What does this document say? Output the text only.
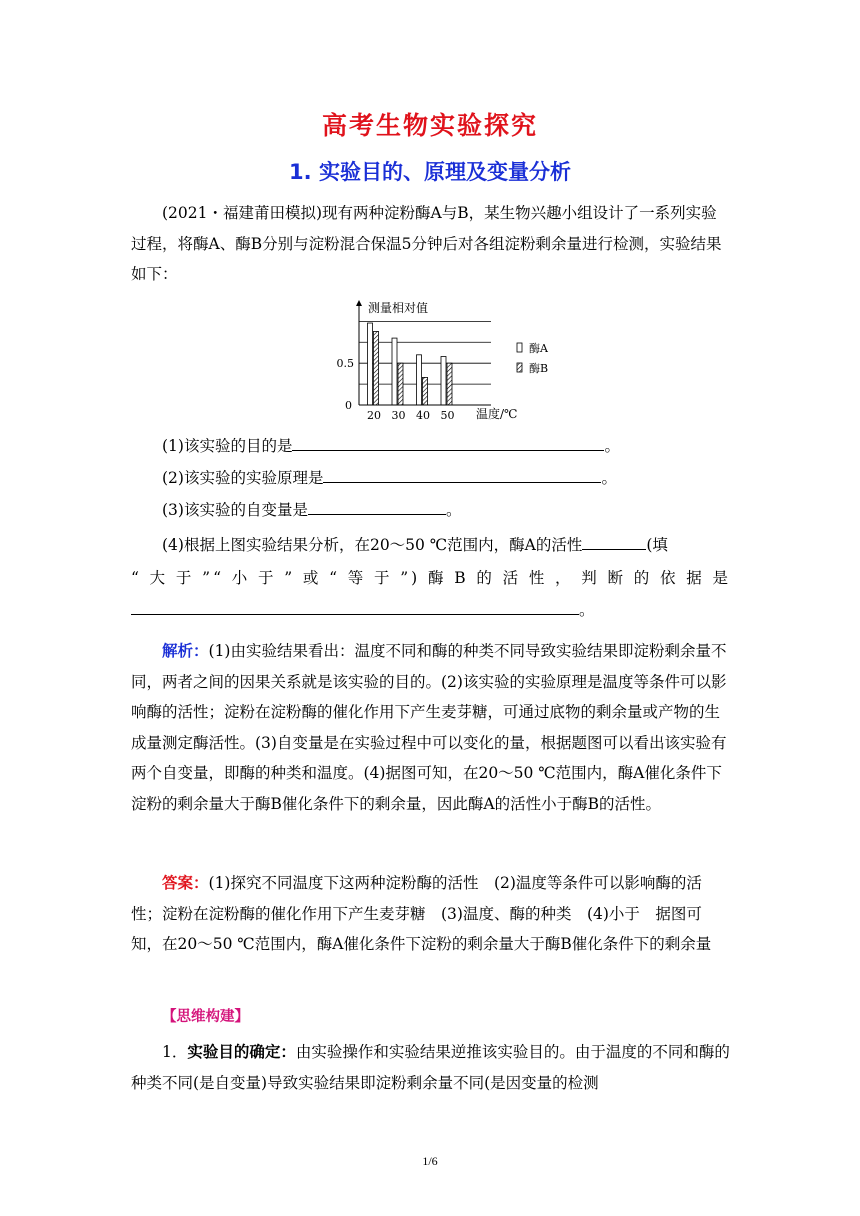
高考生物实验探究
1. 实验目的、原理及变量分析
(2021・福建莆田模拟)现有两种淀粉酶A与B，某生物兴趣小组设计了一系列实验过程，将酶A、酶B分别与淀粉混合保温5分钟后对各组淀粉剩余量进行检测，实验结果如下：
0
0.5
20 30 40 50
测量相对值
温度/℃
酶A
酶B
(1)该实验的目的是	。
(2)该实验的实验原理是	。
(3)该实验的自变量是	。
(4)根据上图实验结果分析，在20～50 ℃范围内，酶A的活性	(填
“大于”“小于”或“等于”)酶B的活性，判断的依据是
。
解析：(1)由实验结果看出：温度不同和酶的种类不同导致实验结果即淀粉剩余量不同，两者之间的因果关系就是该实验的目的。(2)该实验的实验原理是温度等条件可以影响酶的活性；淀粉在淀粉酶的催化作用下产生麦芽糖，可通过底物的剩余量或产物的生成量测定酶活性。(3)自变量是在实验过程中可以变化的量，根据题图可以看出该实验有两个自变量，即酶的种类和温度。(4)据图可知，在20～50 ℃范围内，酶A催化条件下淀粉的剩余量大于酶B催化条件下的剩余量，因此酶A的活性小于酶B的活性。
答案：(1)探究不同温度下这两种淀粉酶的活性　(2)温度等条件可以影响酶的活性；淀粉在淀粉酶的催化作用下产生麦芽糖　(3)温度、酶的种类　(4)小于　据图可知，在20～50 ℃范围内，酶A催化条件下淀粉的剩余量大于酶B催化条件下的剩余量
【思维构建】
1．实验目的确定：由实验操作和实验结果逆推该实验目的。由于温度的不同和酶的种类不同(是自变量)导致实验结果即淀粉剩余量不同(是因变量的检测
1/6
